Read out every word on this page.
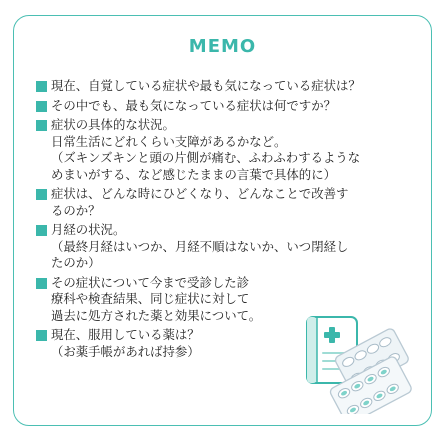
MEMO
現在、自覚している症状や最も気になっている症状は？
その中でも、最も気になっている症状は何ですか？
症状の具体的な状況。
日常生活にどれくらい支障があるかなど。
（ズキンズキンと頭の片側が痛む、ふわふわするような
めまいがする、など感じたままの言葉で具体的に）
症状は、どんな時にひどくなり、どんなことで改善す
るのか？
月経の状況。
（最終月経はいつか、月経不順はないか、いつ閉経し
たのか）
その症状について今まで受診した診
療科や検査結果、同じ症状に対して
過去に処方された薬と効果について。
現在、服用している薬は？
（お薬手帳があれば持参）
